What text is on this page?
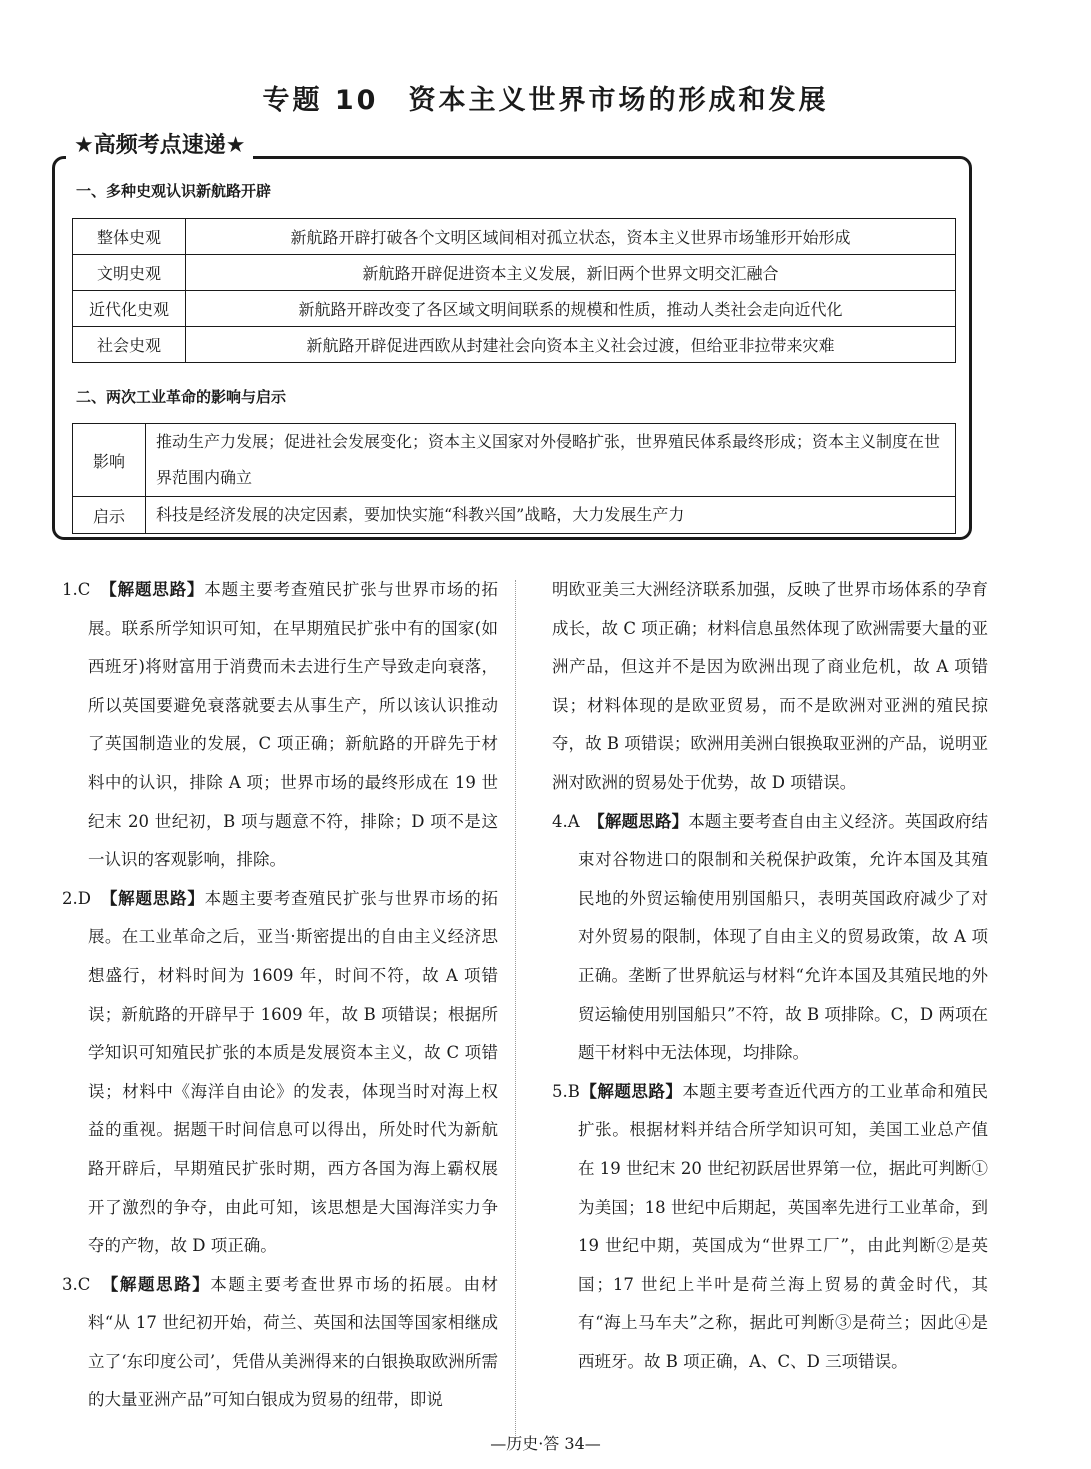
专题 10　资本主义世界市场的形成和发展
★高频考点速递★
一、多种史观认识新航路开辟
整体史观	新航路开辟打破各个文明区域间相对孤立状态，资本主义世界市场雏形开始形成
文明史观	新航路开辟促进资本主义发展，新旧两个世界文明交汇融合
近代化史观	新航路开辟改变了各区域文明间联系的规模和性质，推动人类社会走向近代化
社会史观	新航路开辟促进西欧从封建社会向资本主义社会过渡，但给亚非拉带来灾难
二、两次工业革命的影响与启示
影响	推动生产力发展；促进社会发展变化；资本主义国家对外侵略扩张，世界殖民体系最终形成；资本主义制度在世界范围内确立
启示	科技是经济发展的决定因素，要加快实施“科教兴国”战略，大力发展生产力

1.C　 【解题思路】本题主要考查殖民扩张与世界市场的拓展。联系所学知识可知，在早期殖民扩张中有的国家(如西班牙)将财富用于消费而未去进行生产导致走向衰落，所以英国要避免衰落就要去从事生产，所以该认识推动了英国制造业的发展，C 项正确；新航路的开辟先于材料中的认识，排除 A 项；世界市场的最终形成在 19 世纪末 20 世纪初，B 项与题意不符，排除；D 项不是这一认识的客观影响，排除。

2.D　 【解题思路】本题主要考查殖民扩张与世界市场的拓展。在工业革命之后，亚当·斯密提出的自由主义经济思想盛行，材料时间为 1609 年，时间不符，故 A 项错误；新航路的开辟早于 1609 年，故 B 项错误；根据所学知识可知殖民扩张的本质是发展资本主义，故 C 项错误；材料中《海洋自由论》的发表，体现当时对海上权益的重视。据题干时间信息可以得出，所处时代为新航路开辟后，早期殖民扩张时期，西方各国为海上霸权展开了激烈的争夺，由此可知，该思想是大国海洋实力争夺的产物，故 D 项正确。

3.C　 【解题思路】本题主要考查世界市场的拓展。由材料“从 17 世纪初开始，荷兰、英国和法国等国家相继成立了‘东印度公司’，凭借从美洲得来的白银换取欧洲所需的大量亚洲产品”可知白银成为贸易的纽带，即说

明欧亚美三大洲经济联系加强，反映了世界市场体系的孕育成长，故 C 项正确；材料信息虽然体现了欧洲需要大量的亚洲产品，但这并不是因为欧洲出现了商业危机，故 A 项错误；材料体现的是欧亚贸易，而不是欧洲对亚洲的殖民掠夺，故 B 项错误；欧洲用美洲白银换取亚洲的产品，说明亚洲对欧洲的贸易处于优势，故 D 项错误。

4.A　 【解题思路】本题主要考查自由主义经济。英国政府结束对谷物进口的限制和关税保护政策，允许本国及其殖民地的外贸运输使用别国船只，表明英国政府减少了对对外贸易的限制，体现了自由主义的贸易政策，故 A 项正确。垄断了世界航运与材料“允许本国及其殖民地的外贸运输使用别国船只”不符，故 B 项排除。C，D 两项在题干材料中无法体现，均排除。

5.B【解题思路】本题主要考查近代西方的工业革命和殖民扩张。根据材料并结合所学知识可知，美国工业总产值在 19 世纪末 20 世纪初跃居世界第一位，据此可判断①为美国；18 世纪中后期起，英国率先进行工业革命，到 19 世纪中期，英国成为“世界工厂”，由此判断②是英国；17 世纪上半叶是荷兰海上贸易的黄金时代，其有“海上马车夫”之称，据此可判断③是荷兰；因此④是西班牙。故 B 项正确，A、C、D 三项错误。

—历史·答 34—
